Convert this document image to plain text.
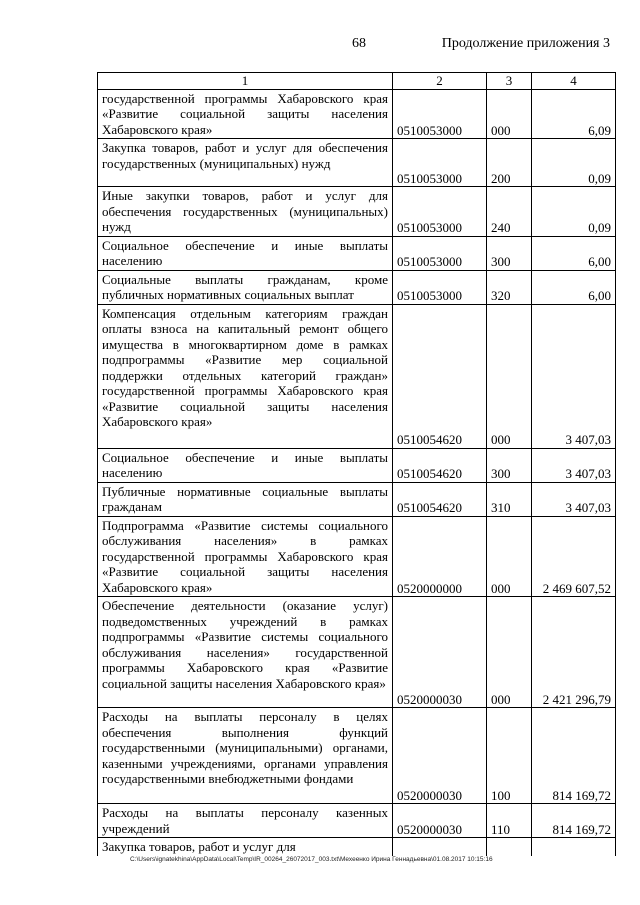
68	Продолжение приложения 3
1	2	3	4
государственной программы Хабаровского края «Развитие социальной защиты населения Хабаровского края»	0510053000	000	6,09
Закупка товаров, работ и услуг для обеспечения государственных (муниципальных) нужд	0510053000	200	0,09
Иные закупки товаров, работ и услуг для обеспечения государственных (муниципальных) нужд	0510053000	240	0,09
Социальное обеспечение и иные выплаты населению	0510053000	300	6,00
Социальные выплаты гражданам, кроме публичных нормативных социальных выплат	0510053000	320	6,00
Компенсация отдельным категориям граждан оплаты взноса на капитальный ремонт общего имущества в многоквартирном доме в рамках подпрограммы «Развитие мер социальной поддержки отдельных категорий граждан» государственной программы Хабаровского края «Развитие социальной защиты населения Хабаровского края»	0510054620	000	3 407,03
Социальное обеспечение и иные выплаты населению	0510054620	300	3 407,03
Публичные нормативные социальные выплаты гражданам	0510054620	310	3 407,03
Подпрограмма «Развитие системы социального обслуживания населения» в рамках государственной программы Хабаровского края «Развитие социальной защиты населения Хабаровского края»	0520000000	000	2 469 607,52
Обеспечение деятельности (оказание услуг) подведомственных учреждений в рамках подпрограммы «Развитие системы социального обслуживания населения» государственной программы Хабаровского края «Развитие социальной защиты населения Хабаровского края»	0520000030	000	2 421 296,79
Расходы на выплаты персоналу в целях обеспечения выполнения функций государственными (муниципальными) органами, казенными учреждениями, органами управления государственными внебюджетными фондами	0520000030	100	814 169,72
Расходы на выплаты персоналу казенных учреждений	0520000030	110	814 169,72
Закупка товаров, работ и услуг для			
C:\Users\ignatekhina\AppData\Local\Temp\IR_00264_26072017_003.txt\Мехеенко Ирина Геннадьевна\01.08.2017 10:15:16
